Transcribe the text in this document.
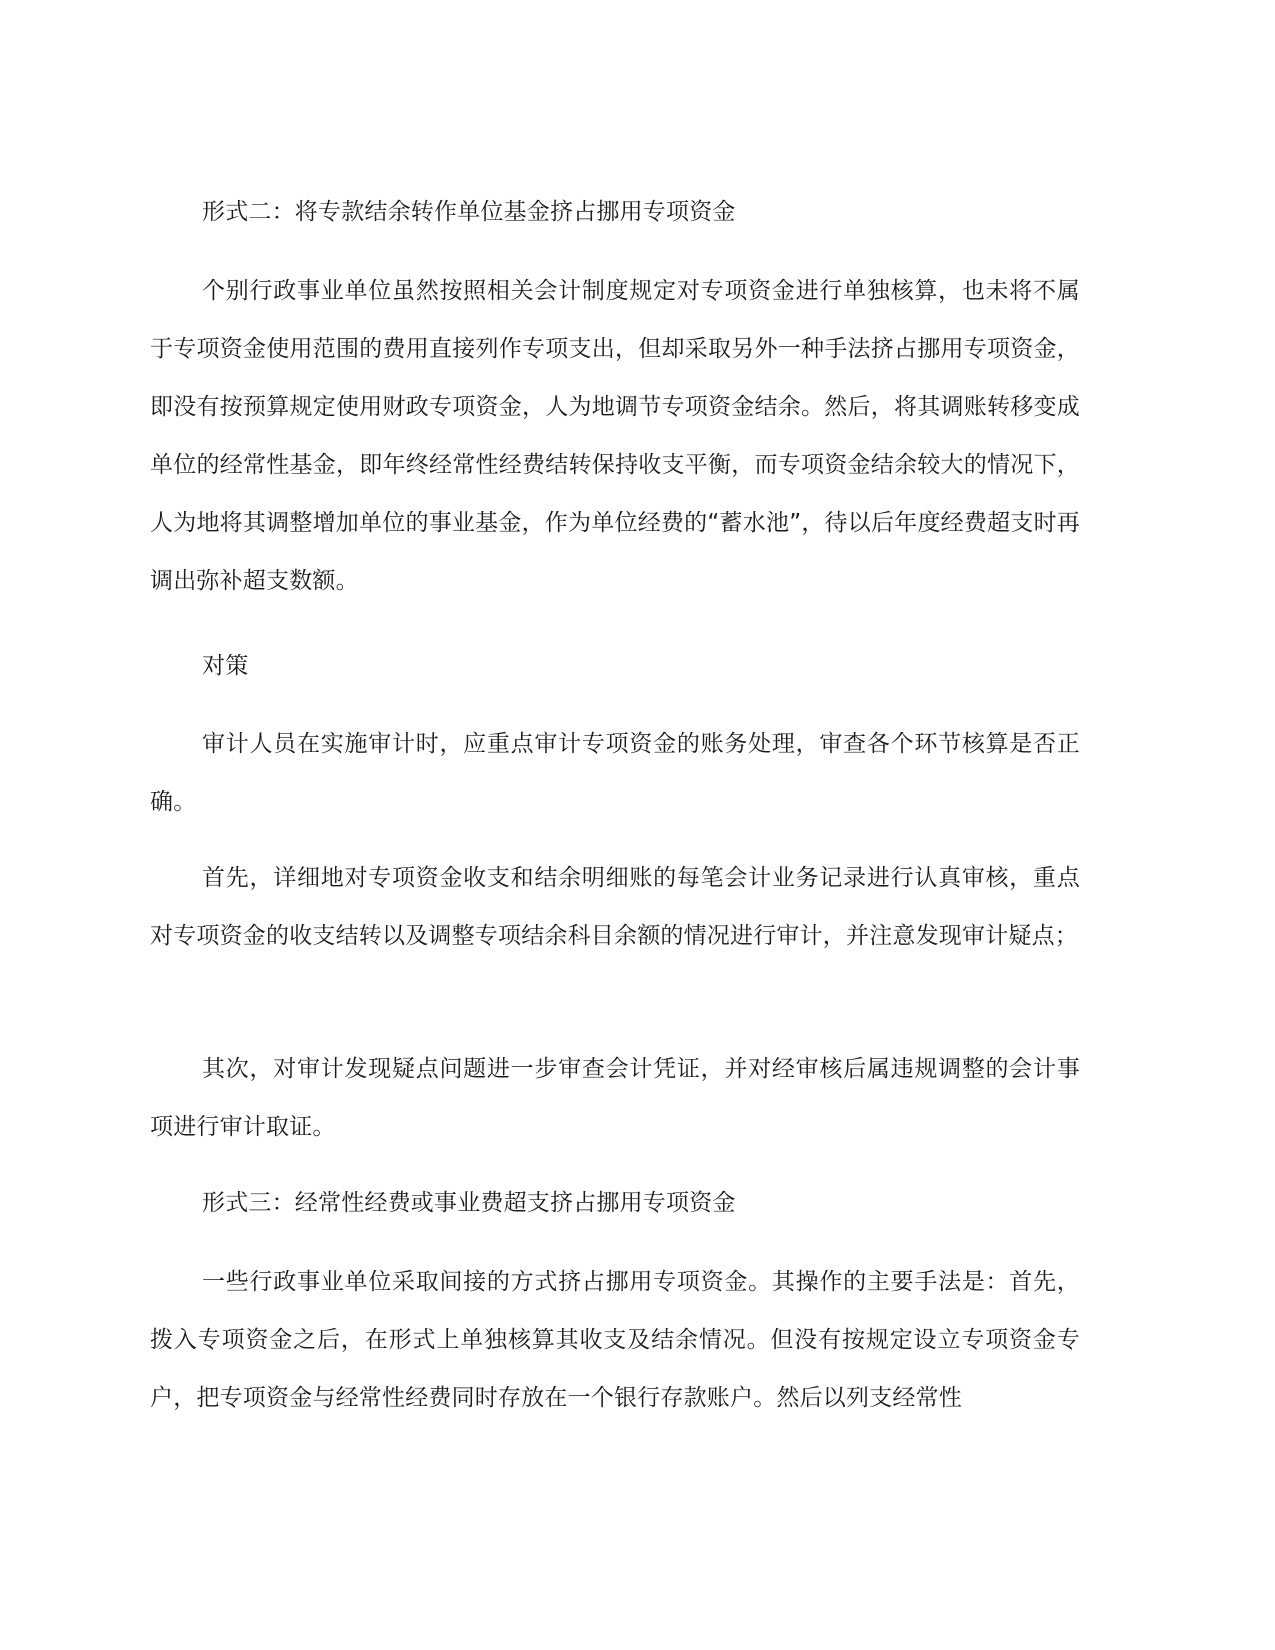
形式二：将专款结余转作单位基金挤占挪用专项资金

个别行政事业单位虽然按照相关会计制度规定对专项资金进行单独核算，也未将不属于专项资金使用范围的费用直接列作专项支出，但却采取另外一种手法挤占挪用专项资金，即没有按预算规定使用财政专项资金，人为地调节专项资金结余。然后，将其调账转移变成单位的经常性基金，即年终经常性经费结转保持收支平衡，而专项资金结余较大的情况下，人为地将其调整增加单位的事业基金，作为单位经费的“蓄水池”，待以后年度经费超支时再调出弥补超支数额。

对策

审计人员在实施审计时，应重点审计专项资金的账务处理，审查各个环节核算是否正确。

首先，详细地对专项资金收支和结余明细账的每笔会计业务记录进行认真审核，重点对专项资金的收支结转以及调整专项结余科目余额的情况进行审计，并注意发现审计疑点；

其次，对审计发现疑点问题进一步审查会计凭证，并对经审核后属违规调整的会计事项进行审计取证。

形式三：经常性经费或事业费超支挤占挪用专项资金

一些行政事业单位采取间接的方式挤占挪用专项资金。其操作的主要手法是：首先，拨入专项资金之后，在形式上单独核算其收支及结余情况。但没有按规定设立专项资金专户，把专项资金与经常性经费同时存放在一个银行存款账户。然后以列支经常性
